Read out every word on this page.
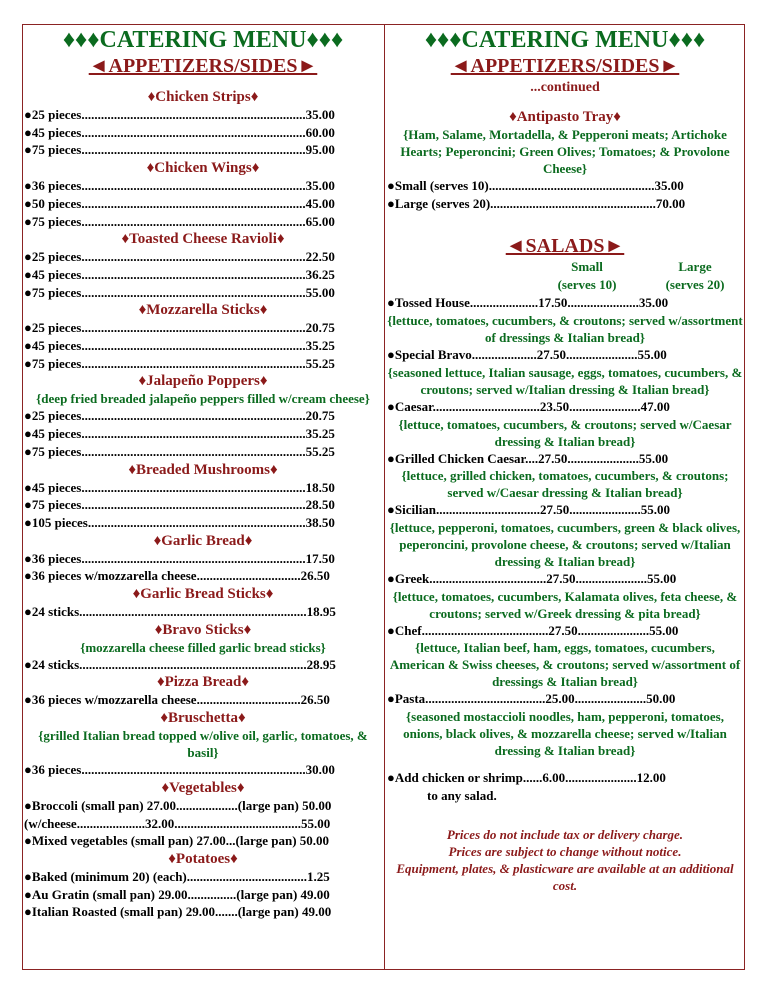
♦♦♦CATERING MENU♦♦♦
◄APPETIZERS/SIDES►
♦Chicken Strips♦
●25 pieces.....................................................................35.00
●45 pieces.....................................................................60.00
●75 pieces.....................................................................95.00
♦Chicken Wings♦
●36 pieces.....................................................................35.00
●50 pieces.....................................................................45.00
●75 pieces.....................................................................65.00
♦Toasted Cheese Ravioli♦
●25 pieces.....................................................................22.50
●45 pieces.....................................................................36.25
●75 pieces.....................................................................55.00
♦Mozzarella Sticks♦
●25 pieces.....................................................................20.75
●45 pieces.....................................................................35.25
●75 pieces.....................................................................55.25
♦Jalapeño Poppers♦
{deep fried breaded jalapeño peppers filled w/cream cheese}
●25 pieces.....................................................................20.75
●45 pieces.....................................................................35.25
●75 pieces.....................................................................55.25
♦Breaded Mushrooms♦
●45 pieces.....................................................................18.50
●75 pieces.....................................................................28.50
●105 pieces...................................................................38.50
♦Garlic Bread♦
●36 pieces.....................................................................17.50
●36 pieces w/mozzarella cheese................................26.50
♦Garlic Bread Sticks♦
●24 sticks......................................................................18.95
♦Bravo Sticks♦
{mozzarella cheese filled garlic bread sticks}
●24 sticks......................................................................28.95
♦Pizza Bread♦
●36 pieces w/mozzarella cheese................................26.50
♦Bruschetta♦
{grilled Italian bread topped w/olive oil, garlic, tomatoes, & basil}
●36 pieces.....................................................................30.00
♦Vegetables♦
●Broccoli (small pan) 27.00...................(large pan) 50.00
(w/cheese.....................32.00.......................................55.00
●Mixed vegetables (small pan) 27.00...(large pan) 50.00
♦Potatoes♦
●Baked (minimum 20) (each).....................................1.25
●Au Gratin (small pan) 29.00...............(large pan) 49.00
●Italian Roasted (small pan) 29.00.......(large pan) 49.00
♦♦♦CATERING MENU♦♦♦
◄APPETIZERS/SIDES►
...continued
♦Antipasto Tray♦
{Ham, Salame, Mortadella, & Pepperoni meats; Artichoke Hearts; Peperoncini; Green Olives; Tomatoes; & Provolone Cheese}
●Small (serves 10)...................................................35.00
●Large (serves 20)...................................................70.00
◄SALADS►
Small
(serves 10)
Large
(serves 20)
●Tossed House.....................17.50......................35.00
{lettuce, tomatoes, cucumbers, & croutons; served w/assortment of dressings & Italian bread}
●Special Bravo....................27.50......................55.00
{seasoned lettuce, Italian sausage, eggs, tomatoes, cucumbers, & croutons; served w/Italian dressing & Italian bread}
●Caesar.................................23.50......................47.00
{lettuce, tomatoes, cucumbers, & croutons; served w/Caesar dressing & Italian bread}
●Grilled Chicken Caesar....27.50......................55.00
{lettuce, grilled chicken, tomatoes, cucumbers, & croutons; served w/Caesar dressing & Italian bread}
●Sicilian................................27.50......................55.00
{lettuce, pepperoni, tomatoes, cucumbers, green & black olives, peperoncini, provolone cheese, & croutons; served w/Italian dressing & Italian bread}
●Greek....................................27.50......................55.00
{lettuce, tomatoes, cucumbers, Kalamata olives, feta cheese, & croutons; served w/Greek dressing & pita bread}
●Chef.......................................27.50......................55.00
{lettuce, Italian beef, ham, eggs, tomatoes, cucumbers, American & Swiss cheeses, & croutons; served w/assortment of dressings & Italian bread}
●Pasta.....................................25.00......................50.00
{seasoned mostaccioli noodles, ham, pepperoni, tomatoes, onions, black olives, & mozzarella cheese; served w/Italian dressing & Italian bread}
●Add chicken or shrimp......6.00......................12.00
to any salad.
Prices do not include tax or delivery charge.
Prices are subject to change without notice.
Equipment, plates, & plasticware are available at an additional cost.
